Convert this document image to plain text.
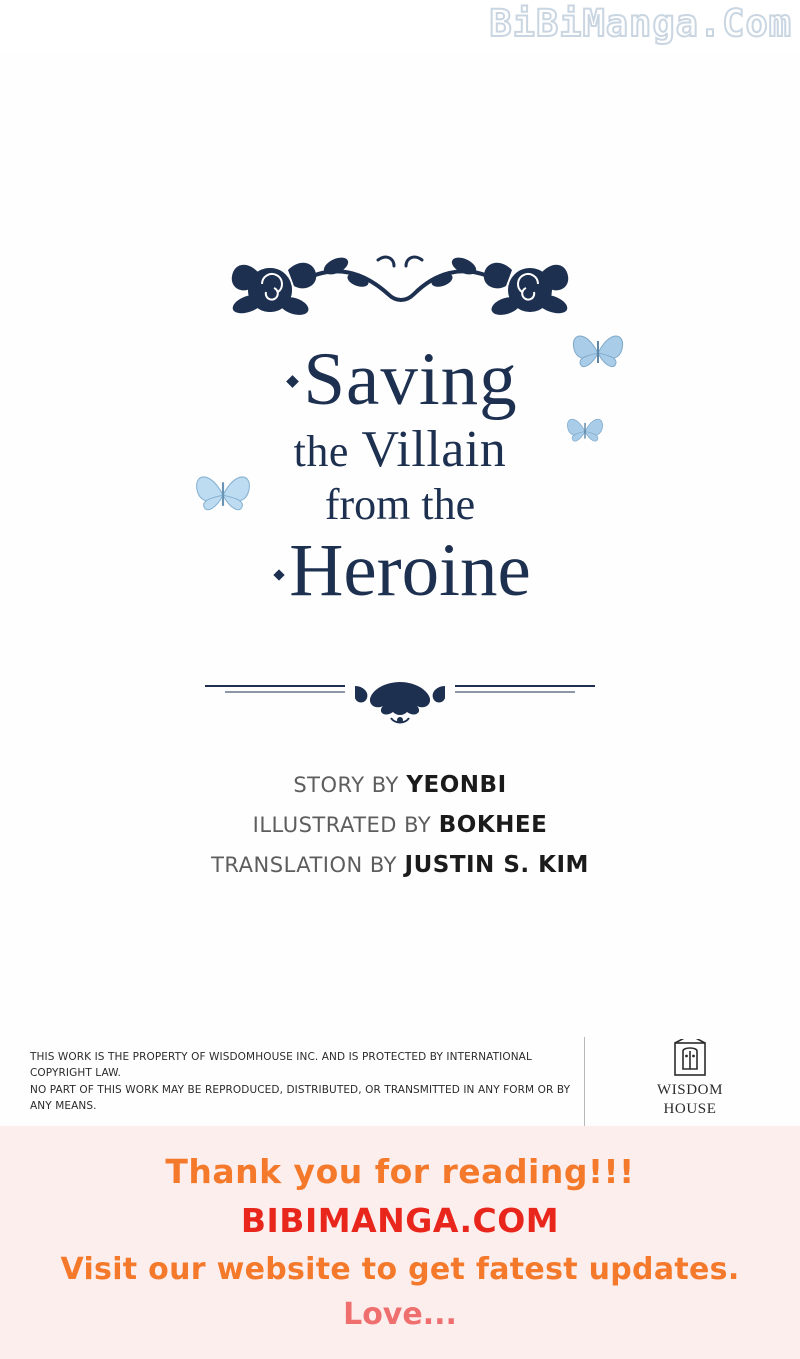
BiBiManga.Com
Saving
the Villain
from the
Heroine
STORY BY YEONBI
ILLUSTRATED BY BOKHEE
TRANSLATION BY JUSTIN S. KIM
THIS WORK IS THE PROPERTY OF WISDOMHOUSE INC. AND IS PROTECTED BY INTERNATIONAL COPYRIGHT LAW.
NO PART OF THIS WORK MAY BE REPRODUCED, DISTRIBUTED, OR TRANSMITTED IN ANY FORM OR BY ANY MEANS.
WISDOM
HOUSE
Thank you for reading!!!
BIBIMANGA.COM
Visit our website to get fatest updates.
Love...
